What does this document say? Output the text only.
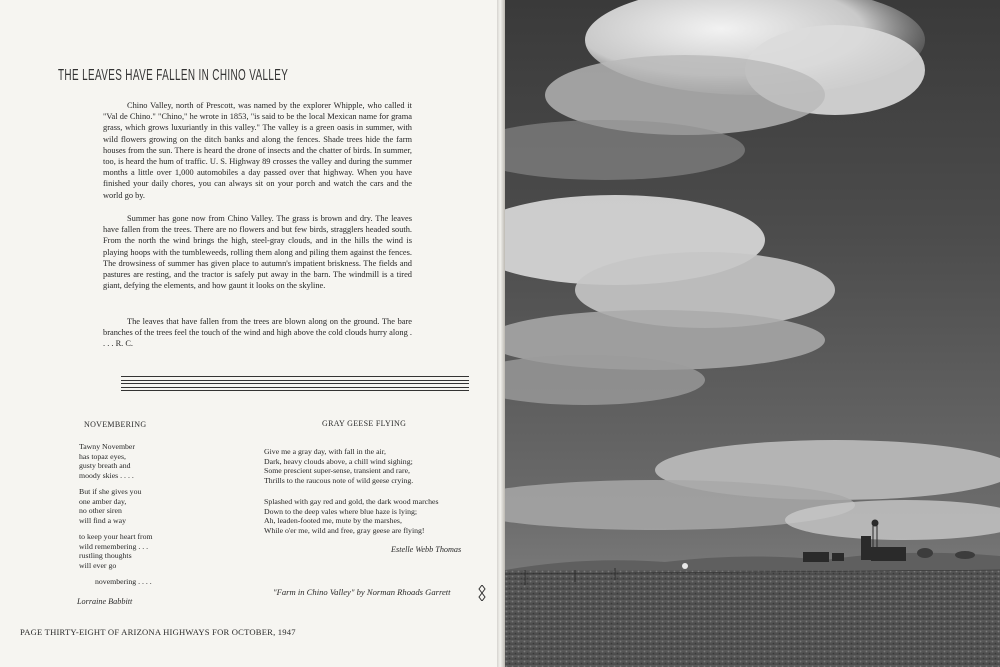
THE LEAVES HAVE FALLEN IN CHINO VALLEY

Chino Valley, north of Prescott, was named by the explorer Whipple, who called it "Val de Chino." "Chino," he wrote in 1853, "is said to be the local Mexican name for grama grass, which grows luxuriantly in this valley." The valley is a green oasis in summer, with wild flowers growing on the ditch banks and along the fences. Shade trees hide the farm houses from the sun. There is heard the drone of insects and the chatter of birds. In summer, too, is heard the hum of traffic. U. S. Highway 89 crosses the valley and during the summer months a little over 1,000 automobiles a day passed over that highway. When you have finished your daily chores, you can always sit on your porch and watch the cars and the world go by.

Summer has gone now from Chino Valley. The grass is brown and dry. The leaves have fallen from the trees. There are no flowers and but few birds, stragglers headed south. From the north the wind brings the high, steel-gray clouds, and in the hills the wind is playing hoops with the tumbleweeds, rolling them along and piling them against the fences. The drowsiness of summer has given place to autumn's impatient briskness. The fields and pastures are resting, and the tractor is safely put away in the barn. The windmill is a tired giant, defying the elements, and how gaunt it looks on the skyline.

The leaves that have fallen from the trees are blown along on the ground. The bare branches of the trees feel the touch of the wind and high above the cold clouds hurry along . . . . R. C.

NOVEMBERING
Tawny November
has topaz eyes,
gusty breath and
moody skies . . . .
But if she gives you
one amber day,
no other siren
will find a way
to keep your heart from
wild remembering . . .
rustling thoughts
will ever go
novembering . . . .
Lorraine Babbitt
GRAY GEESE FLYING
Give me a gray day, with fall in the air,
Dark, heavy clouds above, a chill wind sighing;
Some prescient super-sense, transient and rare,
Thrills to the raucous note of wild geese crying.
Splashed with gay red and gold, the dark wood marches
Down to the deep vales where blue haze is lying;
Ah, leaden-footed me, mute by the marshes,
While o'er me, wild and free, gray geese are flying!
Estelle Webb Thomas
"Farm in Chino Valley" by Norman Rhoads Garrett
PAGE THIRTY-EIGHT OF ARIZONA HIGHWAYS FOR OCTOBER, 1947
